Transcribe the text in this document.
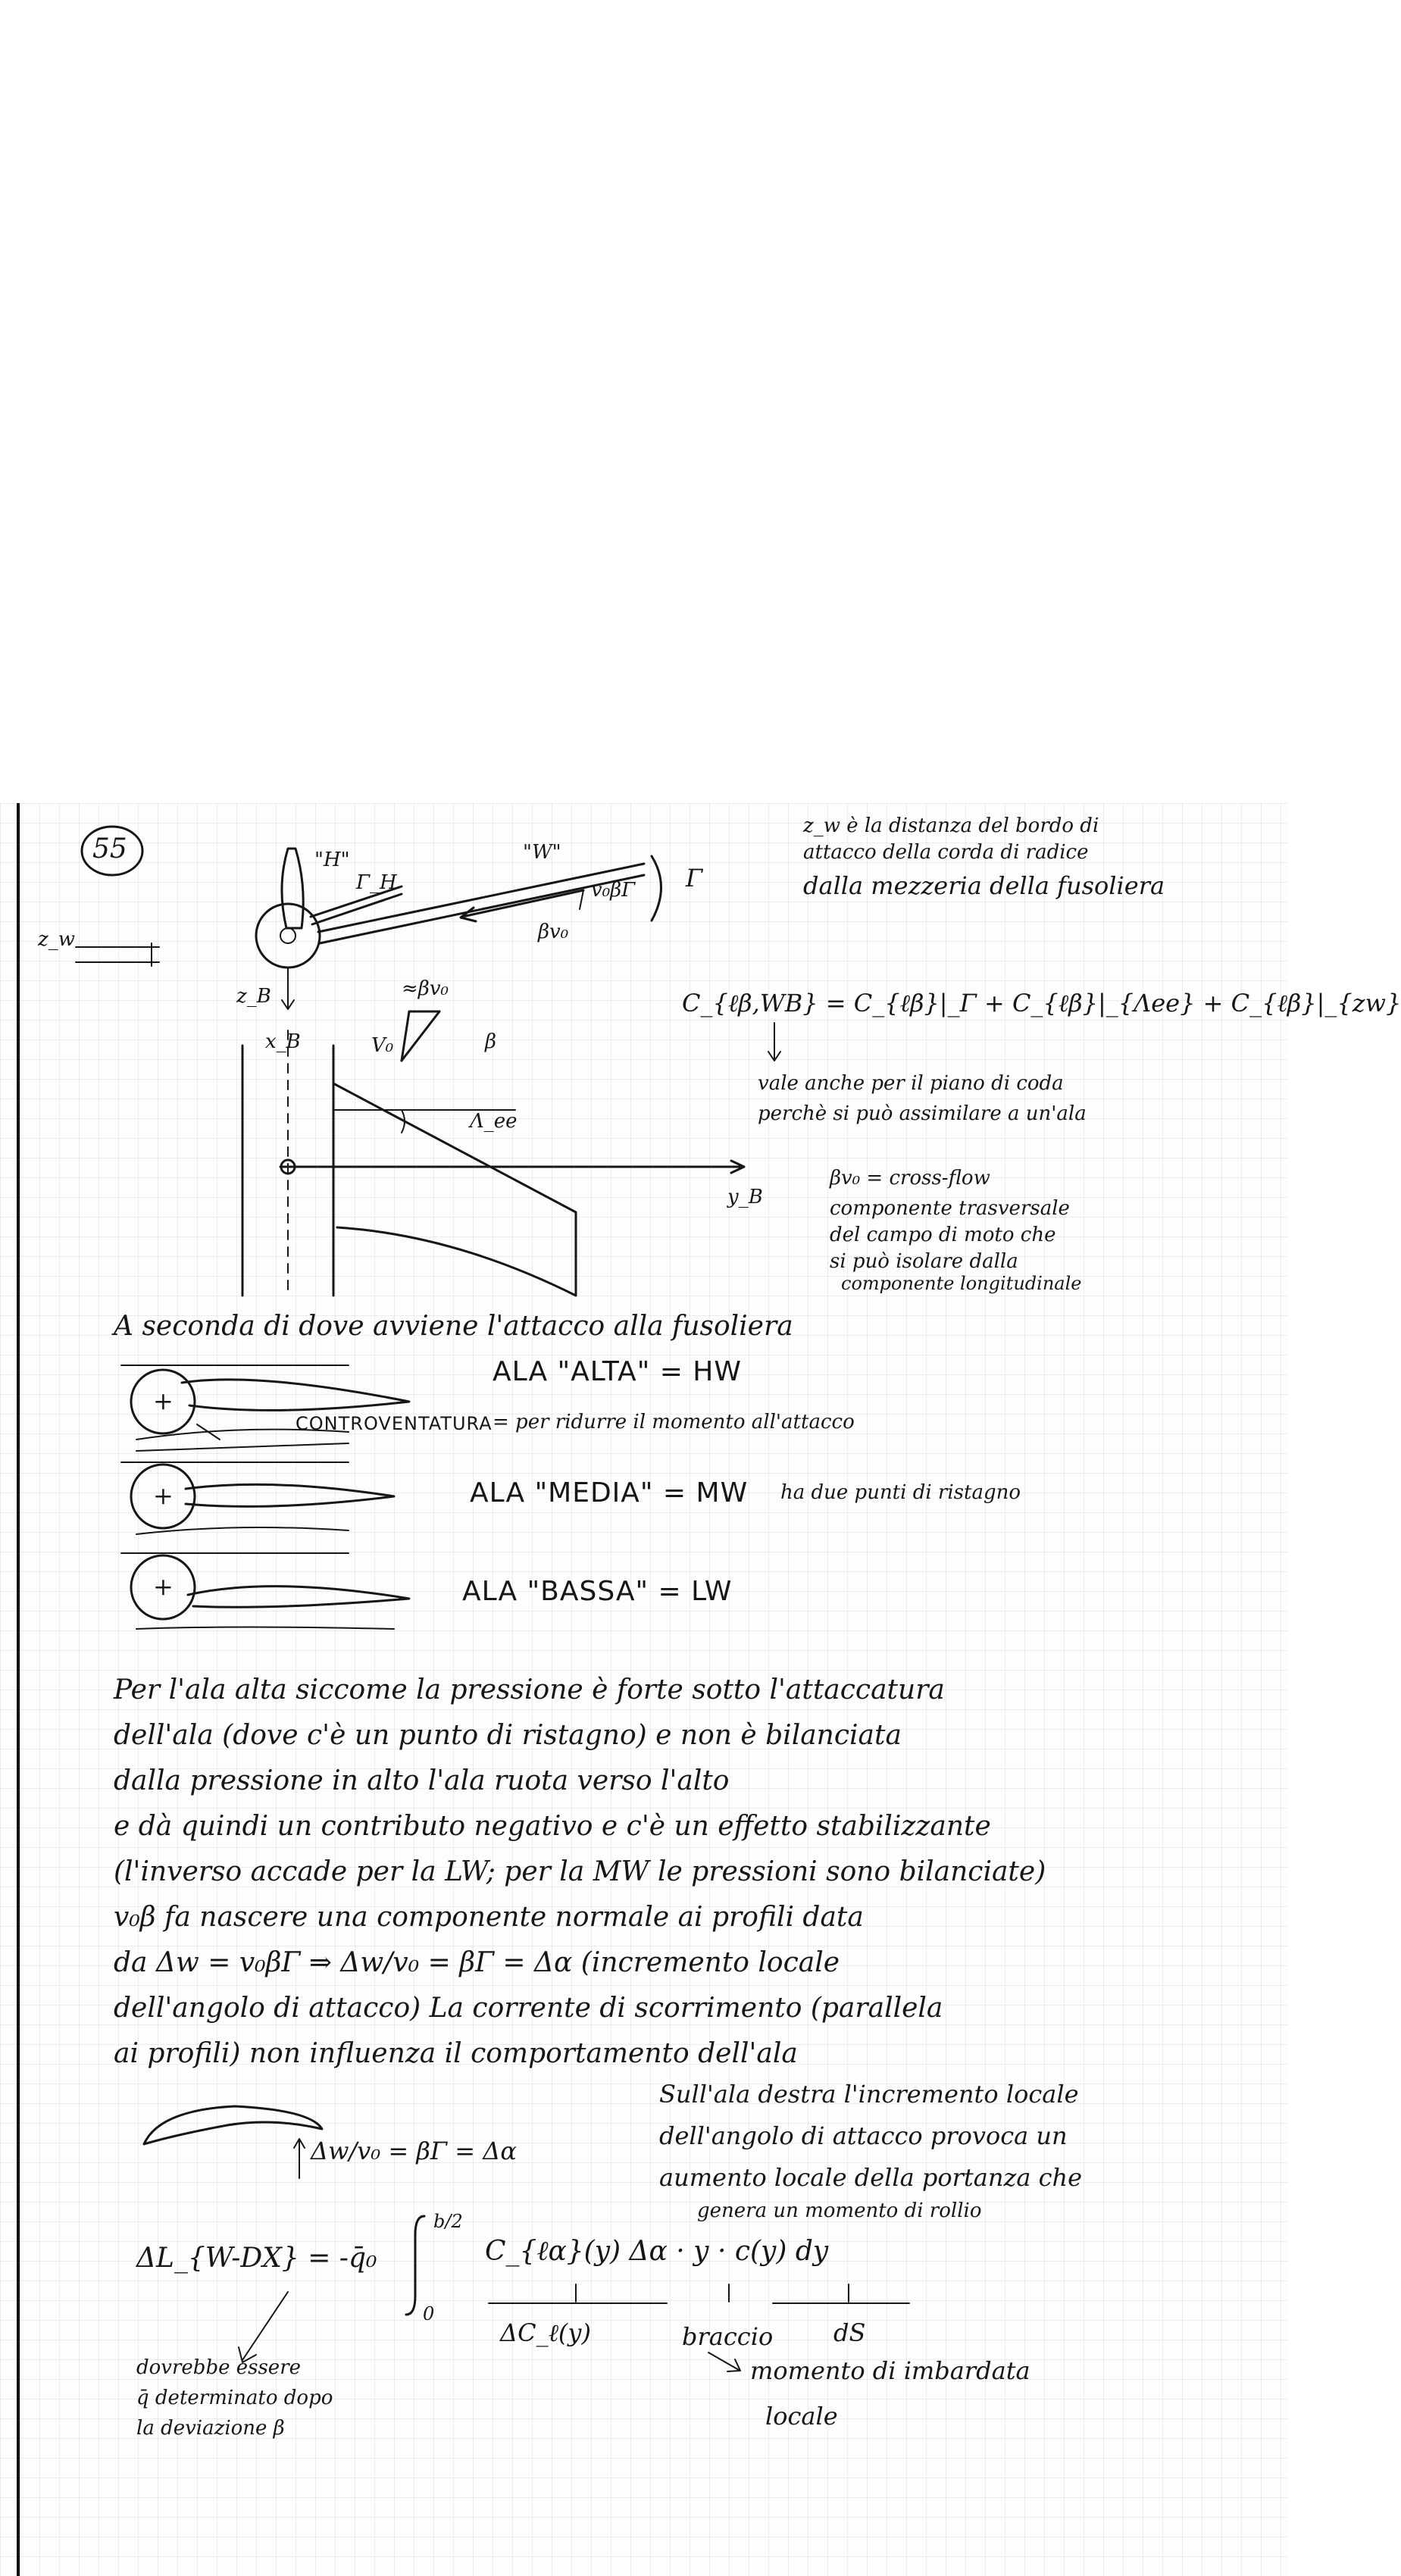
55	"H"
Γ_H
"W"
v₀βΓ
βv₀
Γ
z_w
z_B
x_B
≈βv₀
V₀	β
Λ_ee
y_B
z_w è la distanza del bordo di
attacco della corda di radice
dalla mezzeria della fusoliera
C_{ℓβ,WB} = C_{ℓβ}|_Γ + C_{ℓβ}|_{Λee} + C_{ℓβ}|_{zw}
vale anche per il piano di coda
perchè si può assimilare a un'ala
βv₀ = cross-flow
componente trasversale
del campo di moto che
si può isolare dalla
componente longitudinale
A seconda di dove avviene l'attacco alla fusoliera
+
+
+
ALA "ALTA" = HW
CONTROVENTATURA = per ridurre il momento all'attacco
ALA "MEDIA" = MW ha due punti di ristagno
ALA "BASSA" = LW
Per l'ala alta siccome la pressione è forte sotto l'attaccatura
dell'ala (dove c'è un punto di ristagno) e non è bilanciata
dalla pressione in alto l'ala ruota verso l'alto
e dà quindi un contributo negativo e c'è un effetto stabilizzante
(l'inverso accade per la LW; per la MW le pressioni sono bilanciate)
v₀β fa nascere una componente normale ai profili data
da Δw = v₀βΓ ⇒ Δw/v₀ = βΓ = Δα (incremento locale
dell'angolo di attacco) La corrente di scorrimento (parallela
ai profili) non influenza il comportamento dell'ala
Δw/v₀ = βΓ = Δα
Sull'ala destra l'incremento locale
dell'angolo di attacco provoca un
aumento locale della portanza che
genera un momento di rollio
ΔL_{W-DX} = -q̄₀
b/2
0
C_{ℓα}(y) Δα · y · c(y) dy
ΔC_ℓ(y)	braccio dS
dovrebbe essere
q̄ determinato dopo
la deviazione β
momento di imbardata
locale
